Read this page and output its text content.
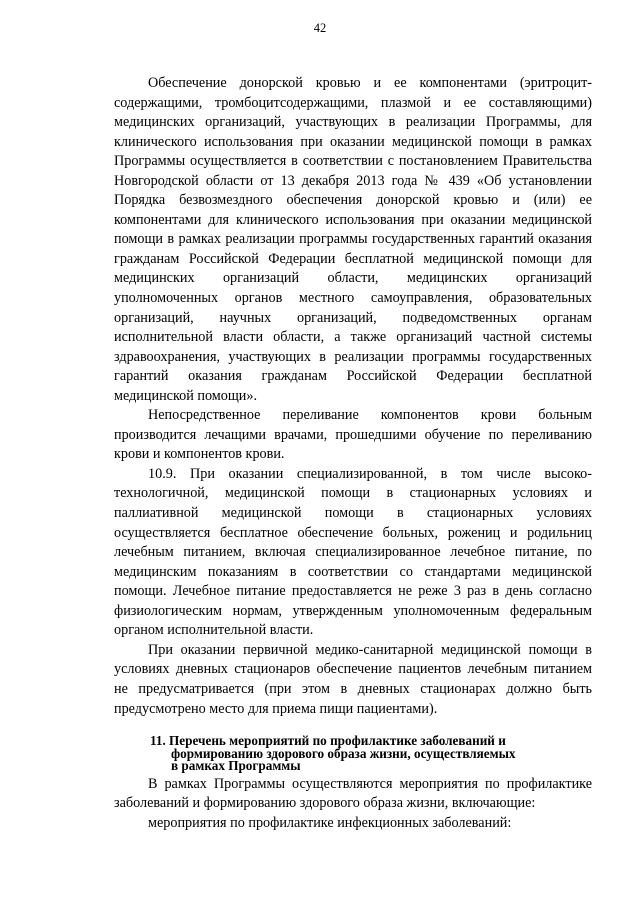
42

Обеспечение донорской кровью и ее компонентами (эритроцит-содержащими, тромбоцитсодержащими, плазмой и ее составляющими) медицинских организаций, участвующих в реализации Программы, для клинического использования при оказании медицинской помощи в рамках Программы осуществляется в соответствии с постановлением Правительства Новгородской области от 13 декабря 2013 года № 439 «Об установлении Порядка безвозмездного обеспечения донорской кровью и (или) ее компонентами для клинического использования при оказании медицинской помощи в рамках реализации программы государственных гарантий оказания гражданам Российской Федерации бесплатной медицинской помощи для медицинских организаций области, медицинских организаций уполномоченных органов местного самоуправления, образовательных организаций, научных организаций, подведомственных органам исполнительной власти области, а также организаций частной системы здравоохранения, участвующих в реализации программы государственных гарантий оказания гражданам Российской Федерации бесплатной медицинской помощи».

Непосредственное переливание компонентов крови больным производится лечащими врачами, прошедшими обучение по переливанию крови и компонентов крови.

10.9. При оказании специализированной, в том числе высоко-технологичной, медицинской помощи в стационарных условиях и паллиативной медицинской помощи в стационарных условиях осуществляется бесплатное обеспечение больных, рожениц и родильниц лечебным питанием, включая специализированное лечебное питание, по медицинским показаниям в соответствии со стандартами медицинской помощи. Лечебное питание предоставляется не реже 3 раз в день согласно физиологическим нормам, утвержденным уполномоченным федеральным органом исполнительной власти.

При оказании первичной медико-санитарной медицинской помощи в условиях дневных стационаров обеспечение пациентов лечебным питанием не предусматривается (при этом в дневных стационарах должно быть предусмотрено место для приема пищи пациентами).

11. Перечень мероприятий по профилактике заболеваний и
формированию здорового образа жизни, осуществляемых
в рамках Программы

В рамках Программы осуществляются мероприятия по профилактике заболеваний и формированию здорового образа жизни, включающие:

мероприятия по профилактике инфекционных заболеваний:
